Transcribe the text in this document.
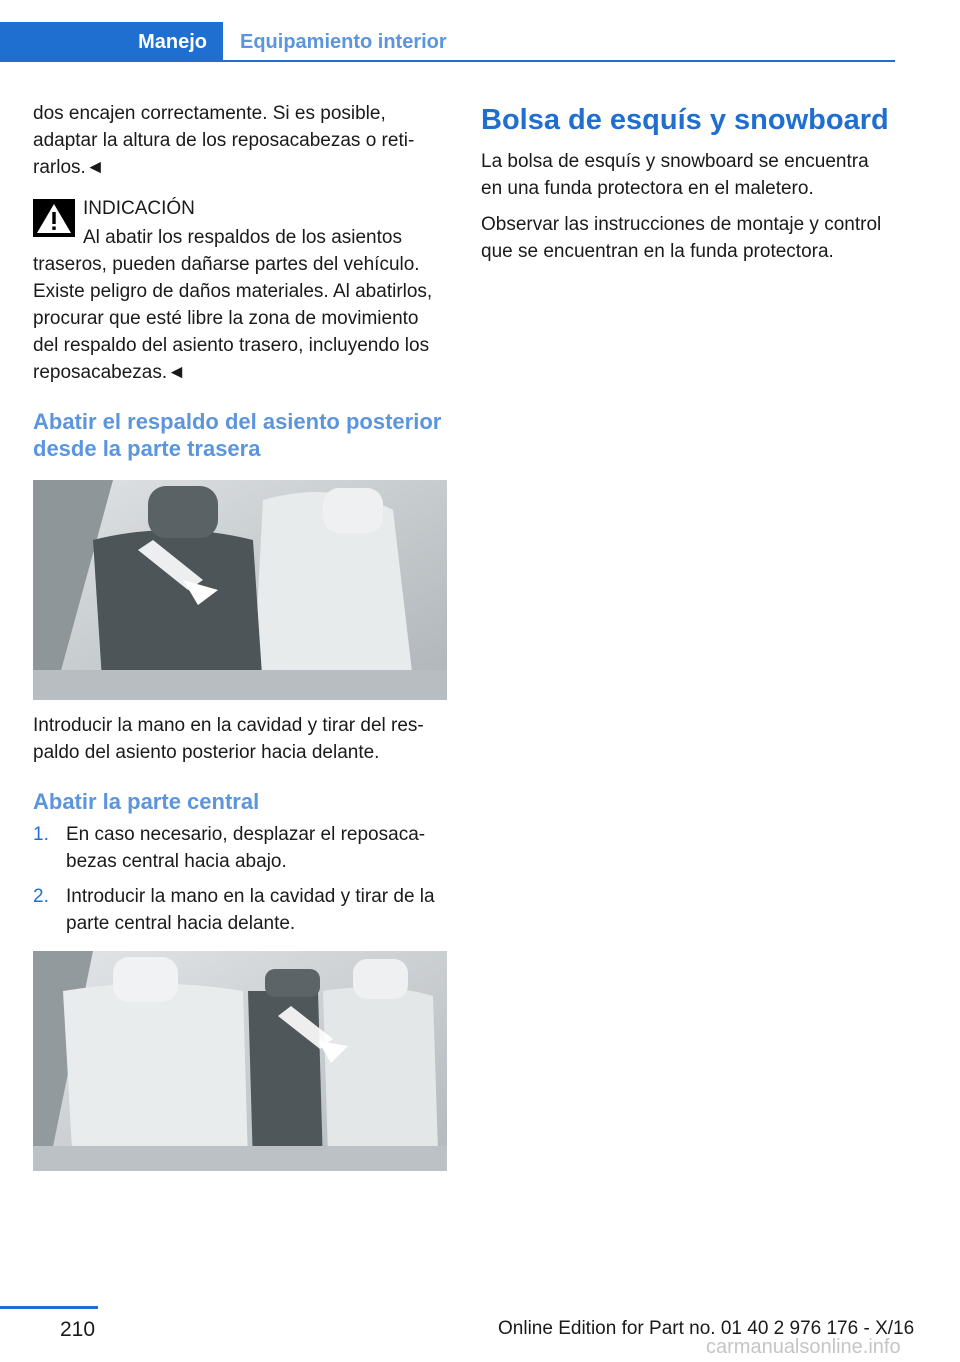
Manejo	Equipamiento interior

dos encajen correctamente. Si es posible, adaptar la altura de los reposacabezas o retirarlos.◄

INDICACIÓN
Al abatir los respaldos de los asientos traseros, pueden dañarse partes del vehículo. Existe peligro de daños materiales. Al abatirlos, procurar que esté libre la zona de movimiento del respaldo del asiento trasero, incluyendo los reposacabezas.◄
Abatir el respaldo del asiento posterior desde la parte trasera

Introducir la mano en la cavidad y tirar del respaldo del asiento posterior hacia delante.

Abatir la parte central
1. En caso necesario, desplazar el reposacabezas central hacia abajo.
2. Introducir la mano en la cavidad y tirar de la parte central hacia delante.
Bolsa de esquís y snowboard

La bolsa de esquís y snowboard se encuentra en una funda protectora en el maletero.

Observar las instrucciones de montaje y control que se encuentran en la funda protectora.

210	Online Edition for Part no. 01 40 2 976 176 - X/16
carmanualsonline.info
